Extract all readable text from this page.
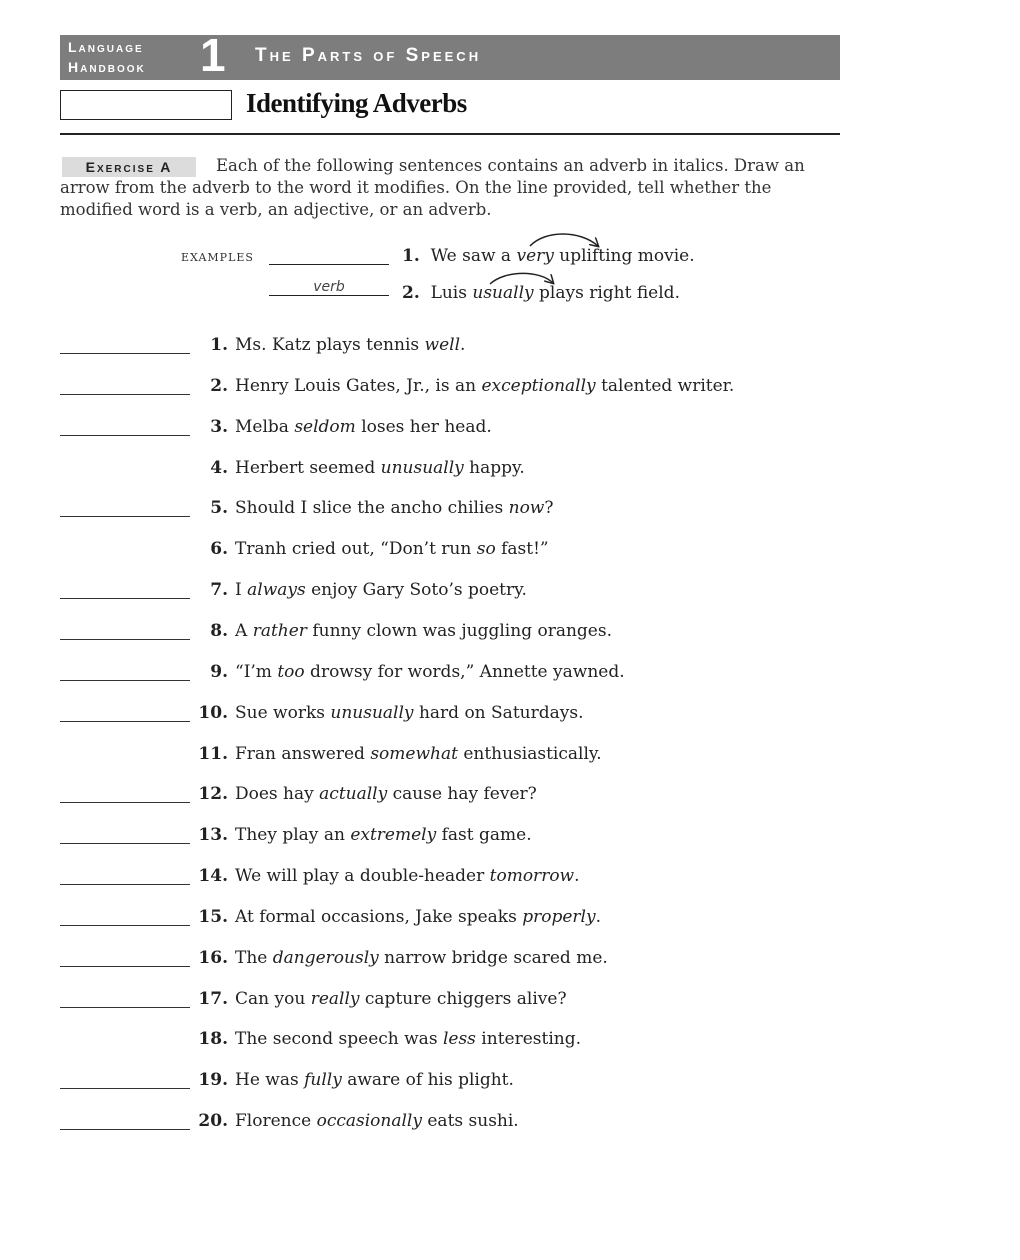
Language
Handbook 1 The Parts of Speech
Identifying Adverbs
Exercise A	Each of the following sentences contains an adverb in italics. Draw an arrow from the adverb to the word it modifies. On the line provided, tell whether the modified word is a verb, an adjective, or an adverb.

EXAMPLES	1. We saw a very uplifting movie.
verb	2. Luis usually plays right field.
1. Ms. Katz plays tennis well.
2. Henry Louis Gates, Jr., is an exceptionally talented writer.
3. Melba seldom loses her head.
4. Herbert seemed unusually happy.
5. Should I slice the ancho chilies now?
6. Tranh cried out, “Don’t run so fast!”
7. I always enjoy Gary Soto’s poetry.
8. A rather funny clown was juggling oranges.
9. “I’m too drowsy for words,” Annette yawned.
10. Sue works unusually hard on Saturdays.
11. Fran answered somewhat enthusiastically.
12. Does hay actually cause hay fever?
13. They play an extremely fast game.
14. We will play a double-header tomorrow.
15. At formal occasions, Jake speaks properly.
16. The dangerously narrow bridge scared me.
17. Can you really capture chiggers alive?
18. The second speech was less interesting.
19. He was fully aware of his plight.
20. Florence occasionally eats sushi.
